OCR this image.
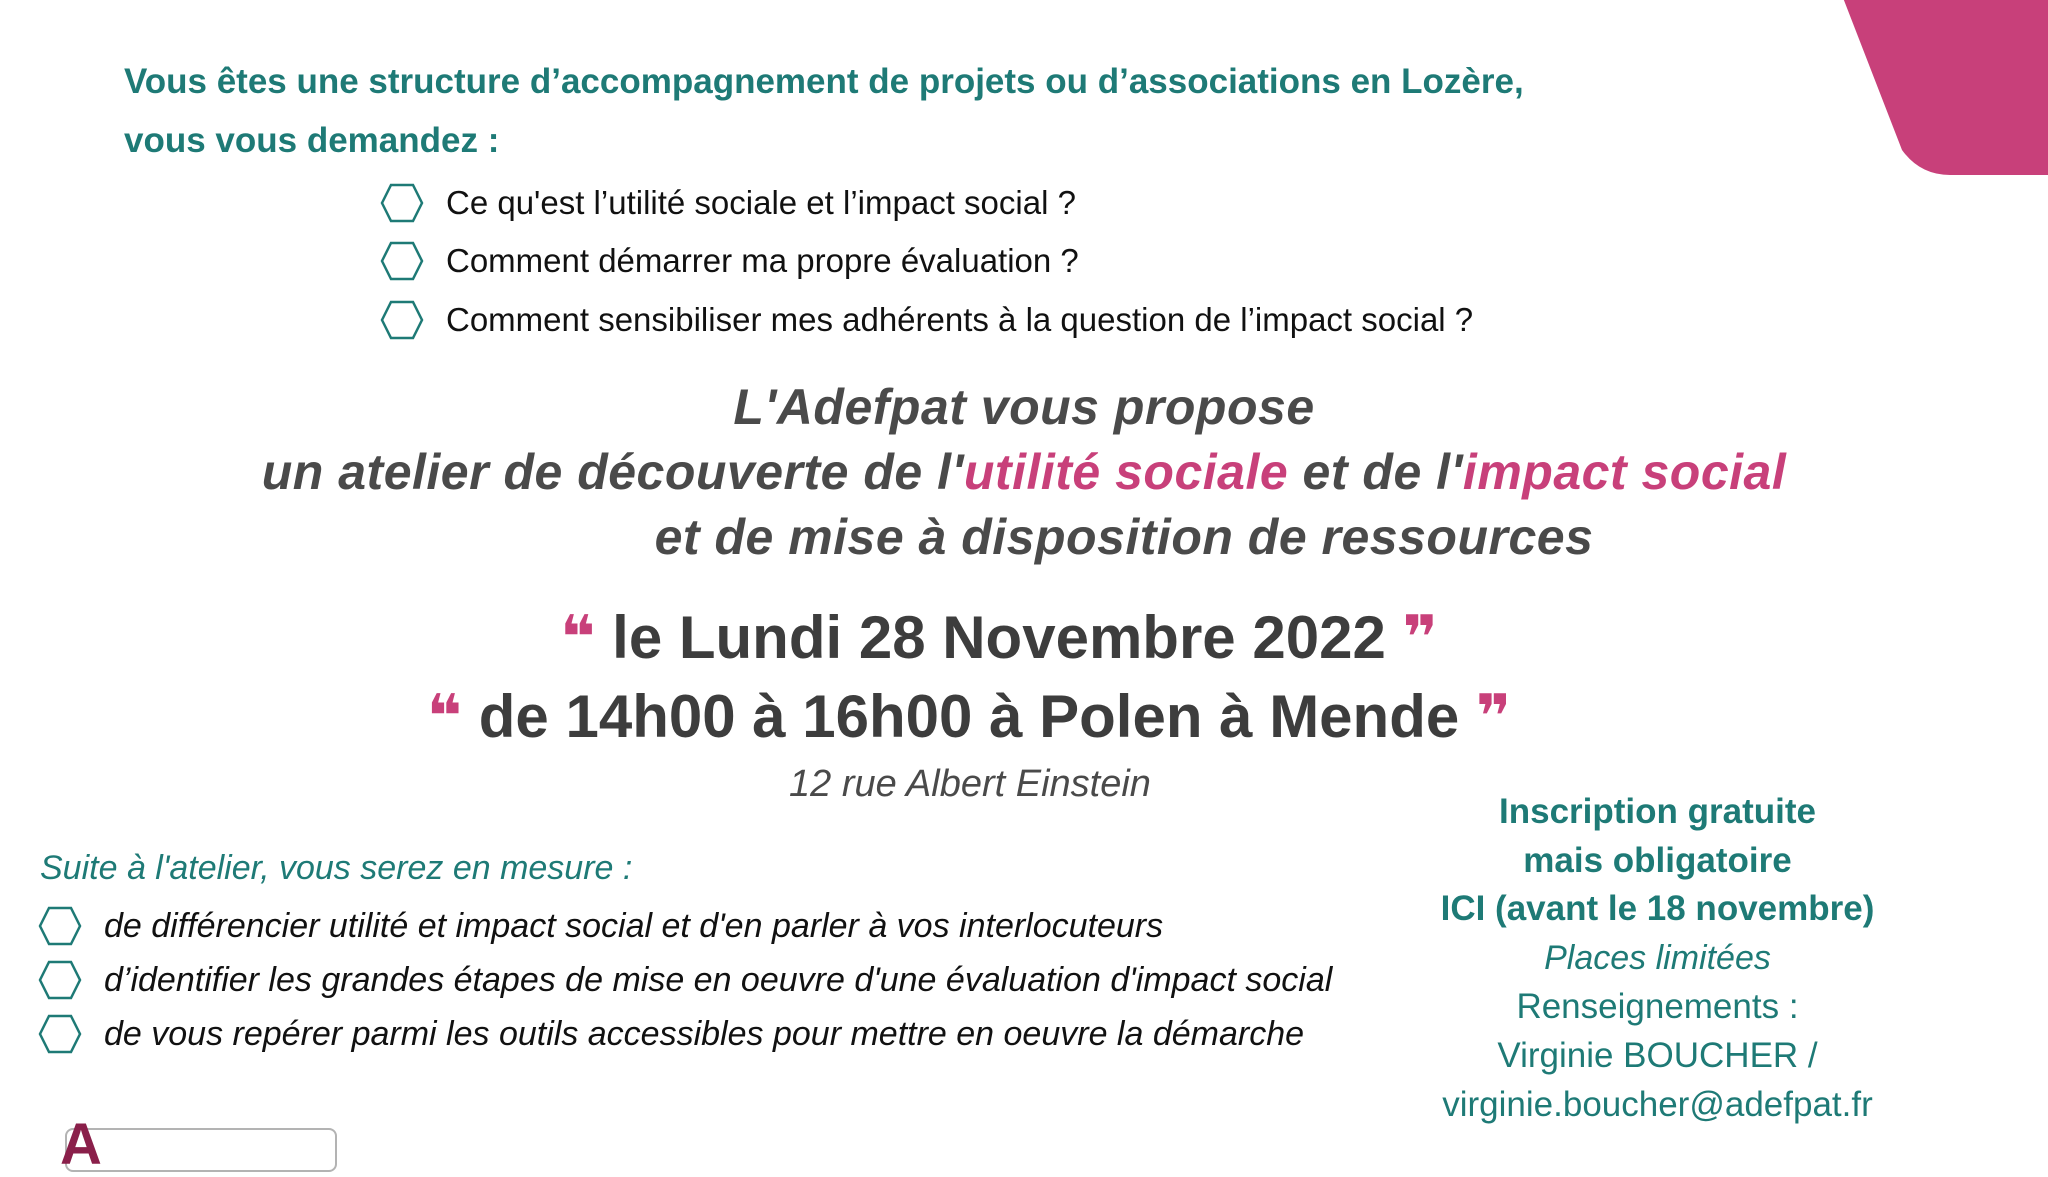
Vous êtes une structure d’accompagnement de projets ou d’associations en Lozère,
vous vous demandez :
Ce qu'est l’utilité sociale et l’impact social ?
Comment démarrer ma propre évaluation ?
Comment sensibiliser mes adhérents à la question de l’impact social ?
L'Adefpat vous propose
un atelier de découverte de l'utilité sociale et de l'impact social
et de mise à disposition de ressources
❝ le Lundi 28 Novembre 2022 ❞
❝ de 14h00 à 16h00 à Polen à Mende ❞
12 rue Albert Einstein
Suite à l'atelier, vous serez en mesure :
de différencier utilité et impact social et d'en parler à vos interlocuteurs
d’identifier les grandes étapes de mise en oeuvre d'une évaluation d'impact social
de vous repérer parmi les outils accessibles pour mettre en oeuvre la démarche
Inscription gratuite
mais obligatoire
ICI (avant le 18 novembre)
Places limitées
Renseignements :
Virginie BOUCHER /
virginie.boucher@adefpat.fr
A
